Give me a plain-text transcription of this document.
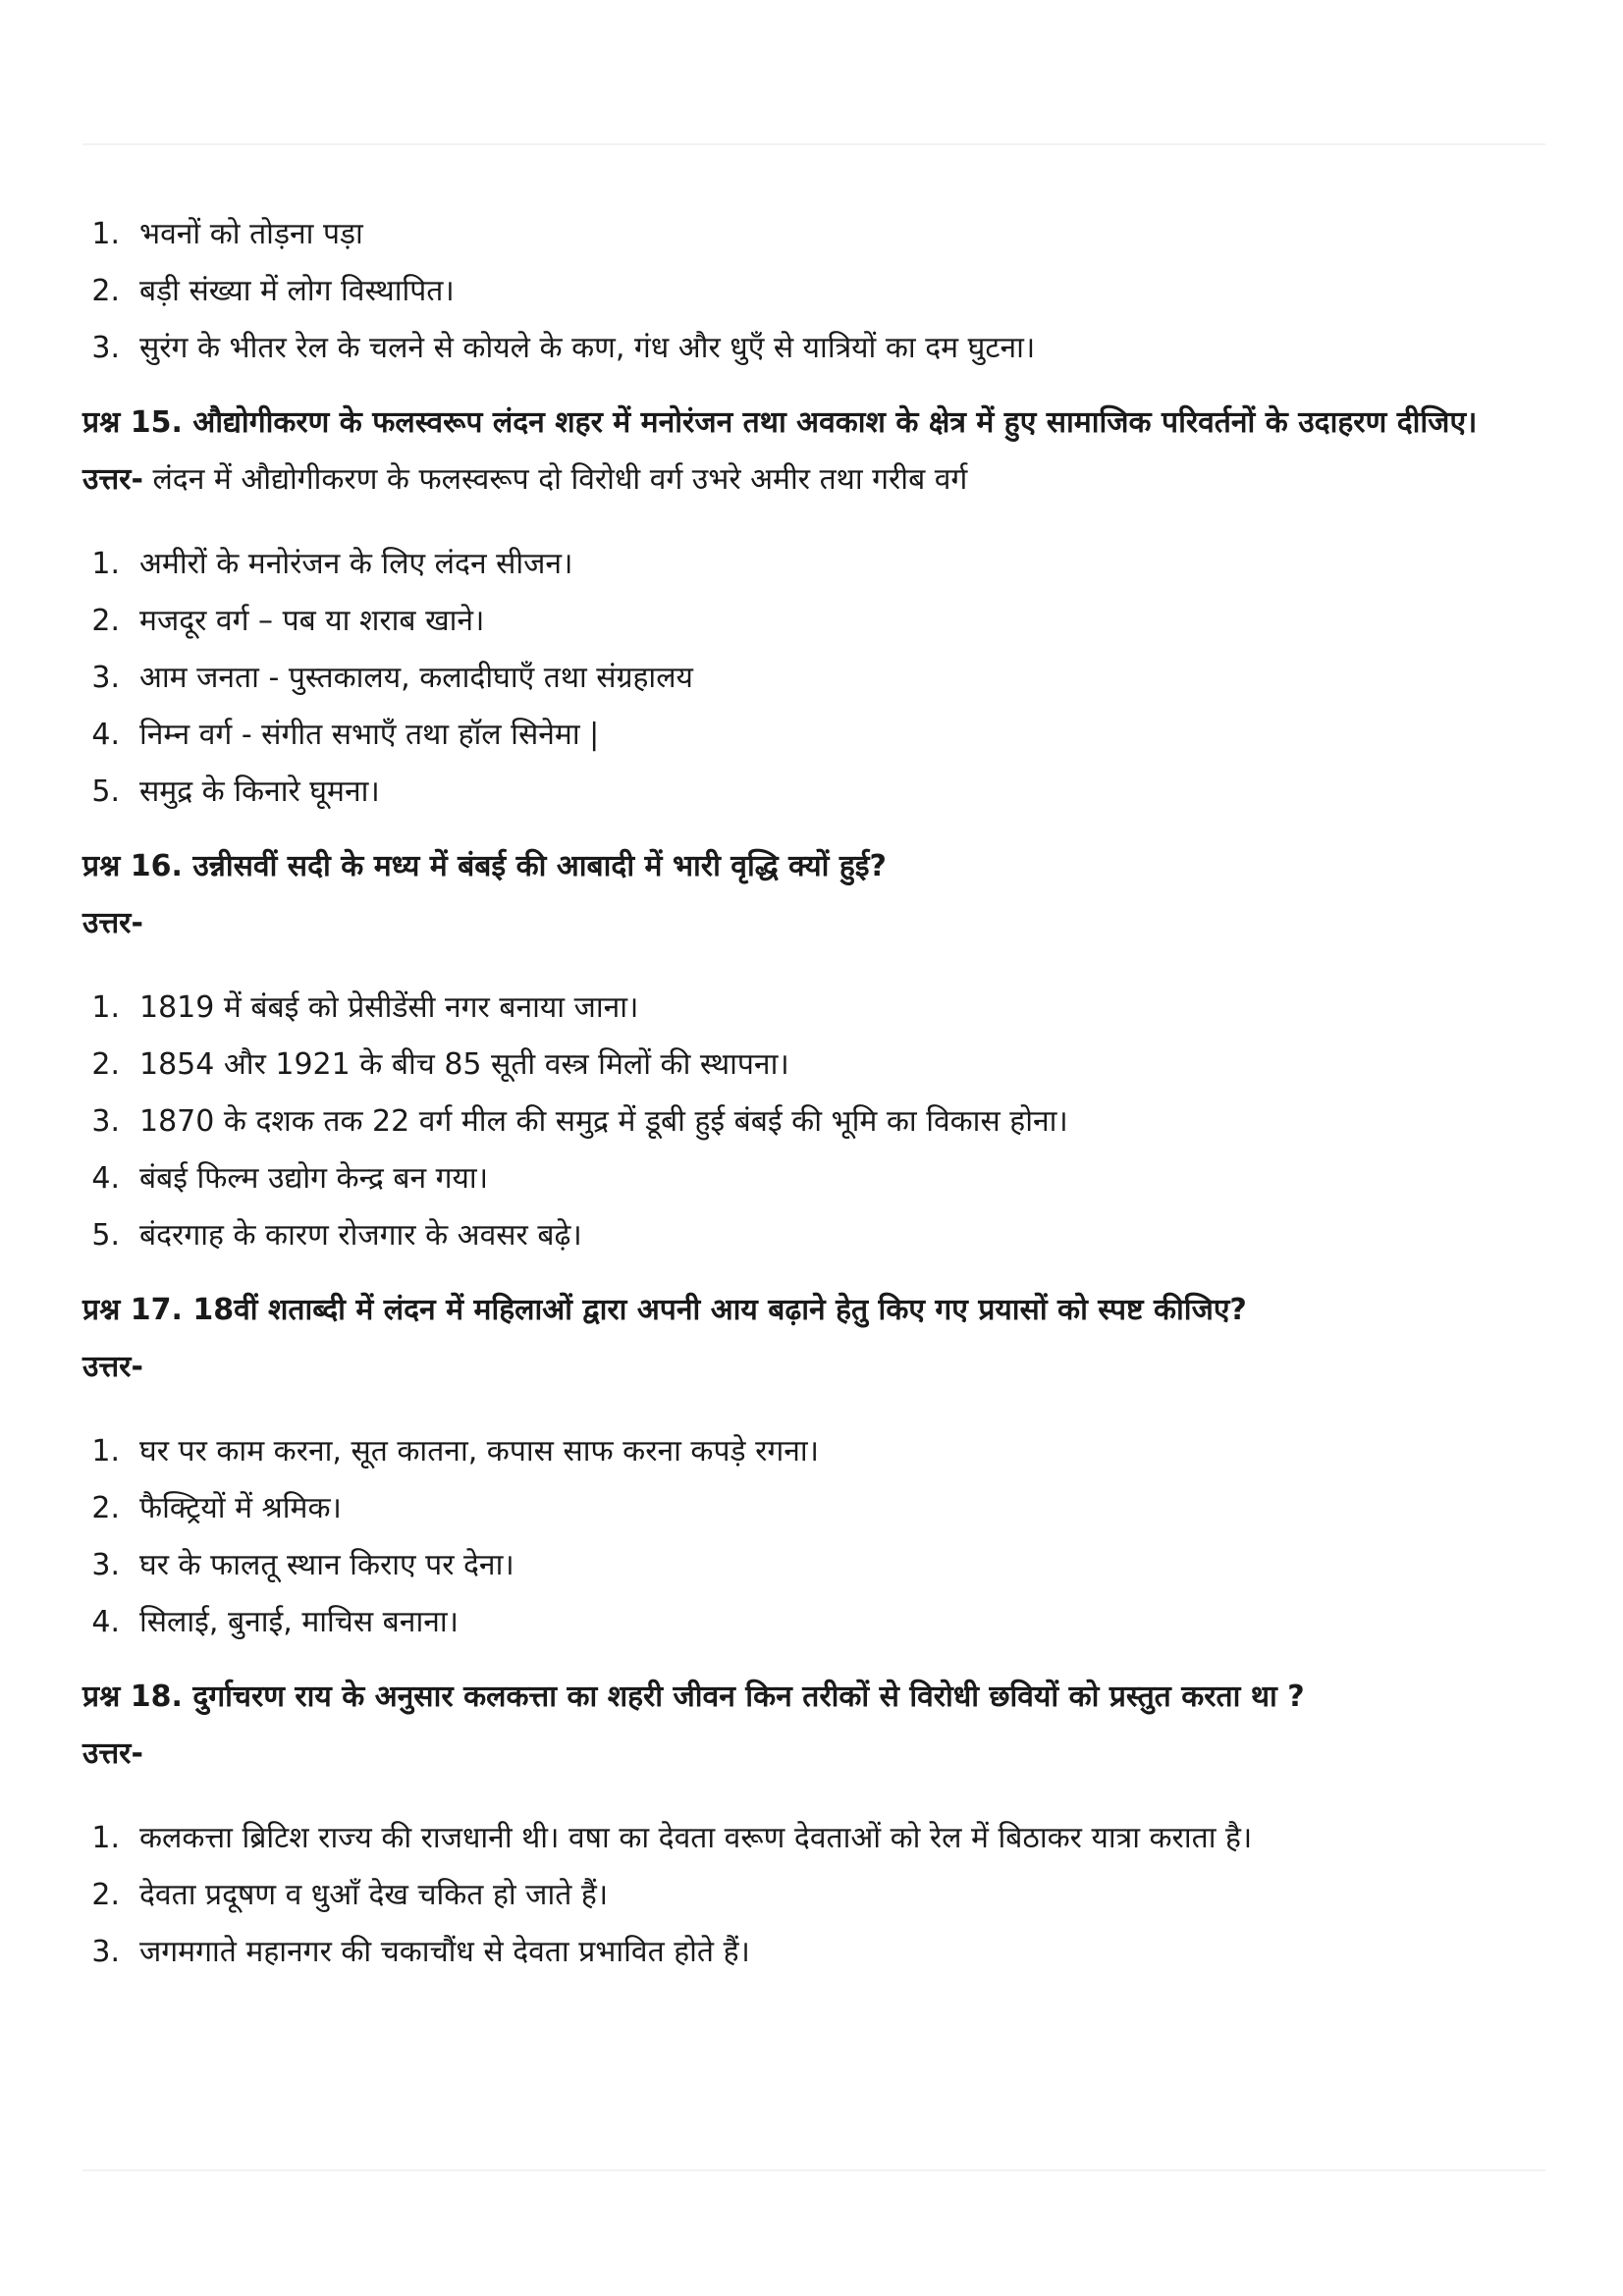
1. भवनों को तोड़ना पड़ा
2. बड़ी संख्या में लोग विस्थापित।
3. सुरंग के भीतर रेल के चलने से कोयले के कण, गंध और धुएँ से यात्रियों का दम घुटना।
प्रश्न 15. औद्योगीकरण के फलस्वरूप लंदन शहर में मनोरंजन तथा अवकाश के क्षेत्र में हुए सामाजिक परिवर्तनों के उदाहरण दीजिए।
उत्तर- लंदन में औद्योगीकरण के फलस्वरूप दो विरोधी वर्ग उभरे अमीर तथा गरीब वर्ग
1. अमीरों के मनोरंजन के लिए लंदन सीजन।
2. मजदूर वर्ग – पब या शराब खाने।
3. आम जनता - पुस्तकालय, कलादीघाएँ तथा संग्रहालय
4. निम्न वर्ग - संगीत सभाएँ तथा हॉल सिनेमा |
5. समुद्र के किनारे घूमना।
प्रश्न 16. उन्नीसवीं सदी के मध्य में बंबई की आबादी में भारी वृद्धि क्यों हुई?
उत्तर-
1. 1819 में बंबई को प्रेसीडेंसी नगर बनाया जाना।
2. 1854 और 1921 के बीच 85 सूती वस्त्र मिलों की स्थापना।
3. 1870 के दशक तक 22 वर्ग मील की समुद्र में डूबी हुई बंबई की भूमि का विकास होना।
4. बंबई फिल्म उद्योग केन्द्र बन गया।
5. बंदरगाह के कारण रोजगार के अवसर बढ़े।
प्रश्न 17. 18वीं शताब्दी में लंदन में महिलाओं द्वारा अपनी आय बढ़ाने हेतु किए गए प्रयासों को स्पष्ट कीजिए?
उत्तर-
1. घर पर काम करना, सूत कातना, कपास साफ करना कपड़े रगना।
2. फैक्ट्रियों में श्रमिक।
3. घर के फालतू स्थान किराए पर देना।
4. सिलाई, बुनाई, माचिस बनाना।
प्रश्न 18. दुर्गाचरण राय के अनुसार कलकत्ता का शहरी जीवन किन तरीकों से विरोधी छवियों को प्रस्तुत करता था ?
उत्तर-
1. कलकत्ता ब्रिटिश राज्य की राजधानी थी। वषा का देवता वरूण देवताओं को रेल में बिठाकर यात्रा कराता है।
2. देवता प्रदूषण व धुआँ देख चकित हो जाते हैं।
3. जगमगाते महानगर की चकाचौंध से देवता प्रभावित होते हैं।
